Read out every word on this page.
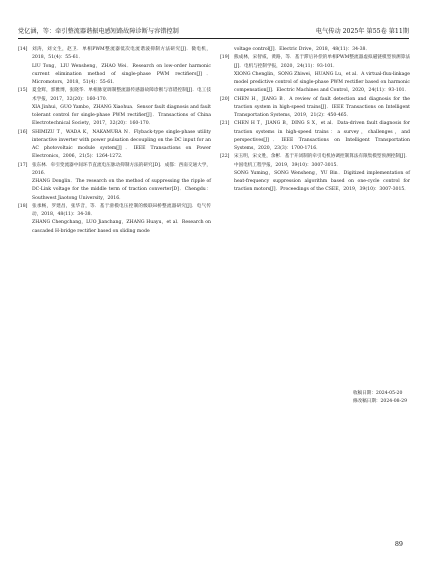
党亿涵，等：牵引整流器谐振电感短路故障诊断与容错控制	电气传动 2025年 第55卷 第11期
[14] 刘涛，刘文生，赵卫．单相PWM整流器低次电流谐波抑制方法研究[J]．微电机，2018，51(4)：55-61．
LIU Tong，LIU Wensheng，ZHAO Wei．Research on low-order harmonic current elimination method of single-phase PWM rectifiers[J]．Micromotors，2018，51(4)：55-61．
[15] 夏金辉，郭雅博，张晓华．单相脉宽调制整流器传感器故障诊断与容错控制[J]．电工技术学报，2017，32(20)：160-170．
XIA Jinhui，GUO Yambo，ZHANG Xiaohua．Sensor fault diagnosis and fault tolerant control for single-phase PWM rectifier[J]．Transactions of China Electrotechnical Society，2017，32(20)：160-170．
[16] SHIMIZU T，WADA K，NAKAMURA N．Flyback-type single-phase utility interactive inverter with power pulsation decoupling on the DC input for an AC photovoltaic module system[J]．IEEE Transactions on Power Electronics，2006，21(5)：1264-1272．
[17] 张东林．牵引变流器中间环节直流电压脉动抑制方法的研究[D]．成都：西南交通大学，2016．
ZHANG Donglin．The research on the method of suppressing the ripple of DC-Link voltage for the middle term of traction converter[D]．Chengdu：Southwest Jiaotong University，2016．
[18] 张承畅，罗建昌，张华音，等．基于滑模电压控制的级联H桥整流器研究[J]．电气传动，2018，48(11)：34-38．
ZHANG Chengchang，LUO Jianchang，ZHANG Huayu，et al．Research on cascaded H-bridge rectifier based on sliding mode
voltage control[J]．Electric Drive，2018，48(11)：34-38．
[19] 熊成林，宋智威，黄路，等．基于滞后补偿的单相PWM整流器虚拟磁链模型预测算法[J]．电机与控制学报，2020，24(11)：93-101．
XIONG Chenglin，SONG Zhiwei，HUANG Lu，et al．A virtual-flux-linkage model predictive control of single-phase PWM rectifier based on harmonic compensation[J]．Electric Machines and Control，2020，24(11)：93-101．
[20] CHEN H，JIANG B．A review of fault detection and diagnosis for the traction system in high-speed trains[J]．IEEE Transactions on Intelligent Transportation Systems，2019，21(2)：450-465．
[21] CHEN H T，JIANG B，DING S X，et al．Data-driven fault diagnosis for traction systems in high-speed trains：a survey，challenges，and perspectives[J]．IEEE Transactions on Intelligent Transportation Systems，2020，23(3)：1700-1716．
[22] 宋玉明，宋文胜，余彬．基于开闭制的牵引电机协调控制算法有限集模型预测控制[J]．中国电机工程学报，2019，39(10)：3007-3015．
SONG Yuming，SONG Wensheng，YU Bin．Digitized implementation of heat-frequency suppression algorithm based on one-cycle control for traction motors[J]．Proceedings of the CSEE，2019，39(10)：3007-3015．
收稿日期：2024-05-20
修改稿日期：2024-08-29
89
